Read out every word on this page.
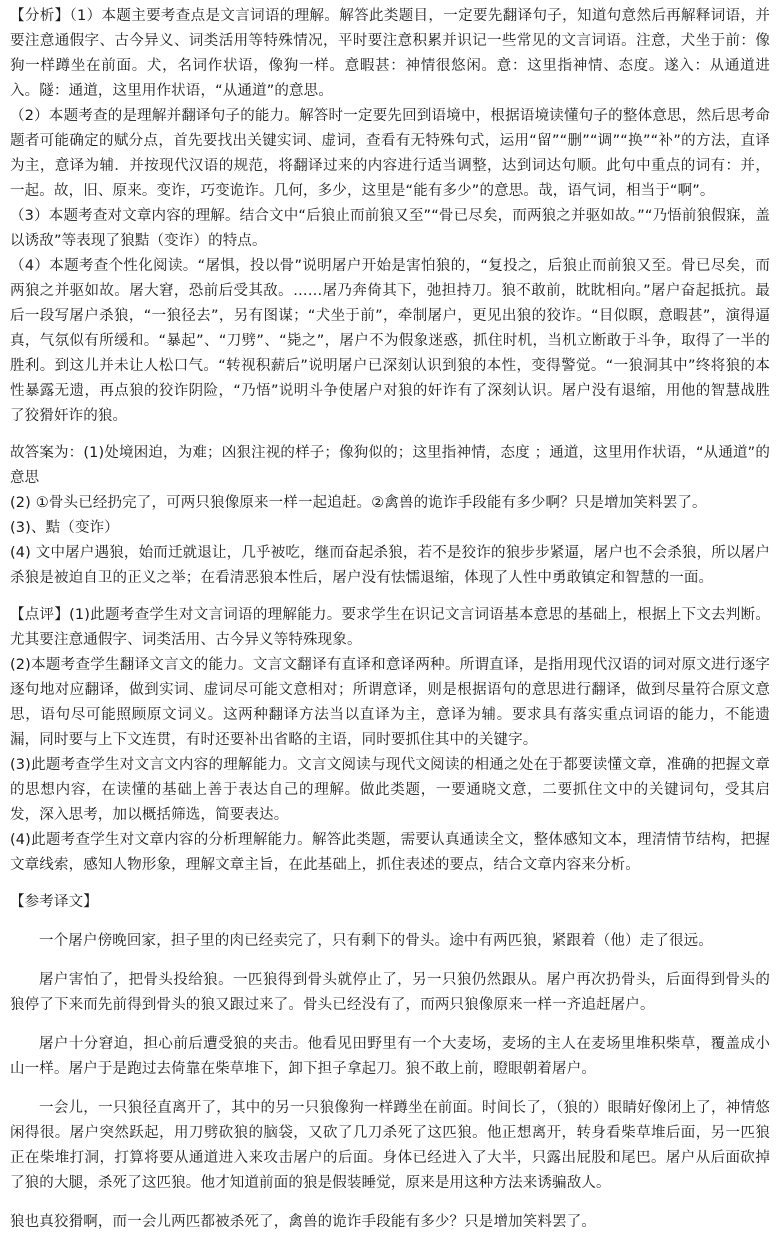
【分析】（1）本题主要考查点是文言词语的理解。解答此类题目，一定要先翻译句子，知道句意然后再解释词语，并要注意通假字、古今异义、词类活用等特殊情况，平时要注意积累并识记一些常见的文言词语。注意，犬坐于前：像狗一样蹲坐在前面。犬，名词作状语，像狗一样。意暇甚：神情很悠闲。意：这里指神情、态度。遂入：从通道进入。隧：通道，这里用作状语，“从通道”的意思。

（2）本题考查的是理解并翻译句子的能力。解答时一定要先回到语境中，根据语境读懂句子的整体意思，然后思考命题者可能确定的赋分点，首先要找出关键实词、虚词，查看有无特殊句式，运用“留”“删”“调”“换”“补”的方法，直译为主，意译为辅．并按现代汉语的规范，将翻译过来的内容进行适当调整，达到词达句顺。此句中重点的词有：并，一起。故，旧、原来。变诈，巧变诡诈。几何，多少，这里是“能有多少”的意思。哉，语气词，相当于“啊”。

（3）本题考查对文章内容的理解。结合文中“后狼止而前狼又至”“骨已尽矣，而两狼之并驱如故。”“乃悟前狼假寐，盖以诱敌”等表现了狼黠（变诈）的特点。

（4）本题考查个性化阅读。“屠惧，投以骨”说明屠户开始是害怕狼的，“复投之，后狼止而前狼又至。骨已尽矣，而两狼之并驱如故。屠大窘，恐前后受其敌。……屠乃奔倚其下，弛担持刀。狼不敢前，眈眈相向。”屠户奋起抵抗。最后一段写屠户杀狼，“一狼径去”，另有图谋；“犬坐于前”，牵制屠户，更见出狼的狡诈。“目似瞑，意暇甚”，演得逼真，气氛似有所缓和。“暴起”、“刀劈”、“毙之”，屠户不为假象迷惑，抓住时机，当机立断敢于斗争，取得了一半的胜利。到这儿并未让人松口气。“转视积薪后”说明屠户已深刻认识到狼的本性，变得警觉。“一狼洞其中”终将狼的本性暴露无遗，再点狼的狡诈阴险，“乃悟”说明斗争使屠户对狼的奸诈有了深刻认识。屠户没有退缩，用他的智慧战胜了狡猾奸诈的狼。

故答案为：(1)处境困迫，为难；凶狠注视的样子；像狗似的；这里指神情，态度 ；通道，这里用作状语，“从通道”的意思

(2) ①骨头已经扔完了，可两只狼像原来一样一起追赶。②禽兽的诡诈手段能有多少啊？只是增加笑料罢了。

(3)、黠（变诈）

(4) 文中屠户遇狼，始而迁就退让，几乎被吃，继而奋起杀狼，若不是狡诈的狼步步紧逼，屠户也不会杀狼，所以屠户杀狼是被迫自卫的正义之举；在看清恶狼本性后，屠户没有怯懦退缩，体现了人性中勇敢镇定和智慧的一面。

【点评】(1)此题考查学生对文言词语的理解能力。要求学生在识记文言词语基本意思的基础上，根据上下文去判断。尤其要注意通假字、词类活用、古今异义等特殊现象。

(2)本题考查学生翻译文言文的能力。文言文翻译有直译和意译两种。所谓直译，是指用现代汉语的词对原文进行逐字逐句地对应翻译，做到实词、虚词尽可能文意相对；所谓意译，则是根据语句的意思进行翻译，做到尽量符合原文意思，语句尽可能照顾原文词义。这两种翻译方法当以直译为主，意译为辅。要求具有落实重点词语的能力，不能遗漏，同时要与上下文连贯，有时还要补出省略的主语，同时要抓住其中的关键字。

(3)此题考查学生对文言文内容的理解能力。文言文阅读与现代文阅读的相通之处在于都要读懂文章，准确的把握文章的思想内容，在读懂的基础上善于表达自己的理解。做此类题，一要通晓文意，二要抓住文中的关键词句，受其启发，深入思考，加以概括筛选，简要表达。

(4)此题考查学生对文章内容的分析理解能力。解答此类题，需要认真通读全文，整体感知文本，理清情节结构，把握文章线索，感知人物形象，理解文章主旨，在此基础上，抓住表述的要点，结合文章内容来分析。

【参考译文】

一个屠户傍晚回家，担子里的肉已经卖完了，只有剩下的骨头。途中有两匹狼，紧跟着（他）走了很远。

屠户害怕了，把骨头投给狼。一匹狼得到骨头就停止了，另一只狼仍然跟从。屠户再次扔骨头，后面得到骨头的狼停了下来而先前得到骨头的狼又跟过来了。骨头已经没有了，而两只狼像原来一样一齐追赶屠户。

屠户十分窘迫，担心前后遭受狼的夹击。他看见田野里有一个大麦场，麦场的主人在麦场里堆积柴草，覆盖成小山一样。屠户于是跑过去倚靠在柴草堆下，卸下担子拿起刀。狼不敢上前，瞪眼朝着屠户。

一会儿，一只狼径直离开了，其中的另一只狼像狗一样蹲坐在前面。时间长了，（狼的）眼睛好像闭上了，神情悠闲得很。屠户突然跃起，用刀劈砍狼的脑袋，又砍了几刀杀死了这匹狼。他正想离开，转身看柴草堆后面，另一匹狼正在柴堆打洞，打算将要从通道进入来攻击屠户的后面。身体已经进入了大半，只露出屁股和尾巴。屠户从后面砍掉了狼的大腿，杀死了这匹狼。他才知道前面的狼是假装睡觉，原来是用这种方法来诱骗敌人。

狼也真狡猾啊，而一会儿两匹都被杀死了，禽兽的诡诈手段能有多少？只是增加笑料罢了。
